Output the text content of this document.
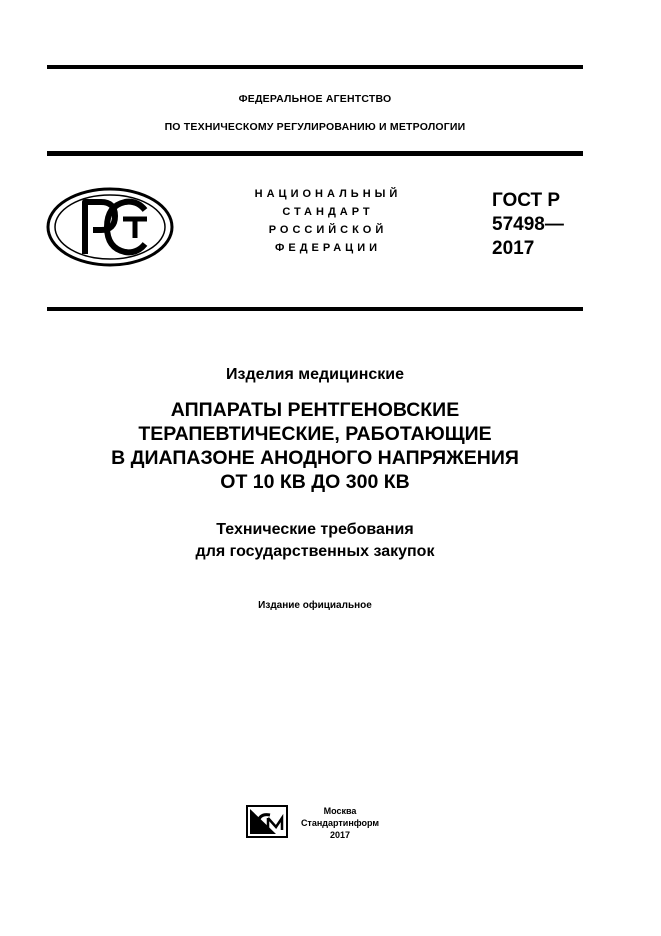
ФЕДЕРАЛЬНОЕ АГЕНТСТВО
ПО ТЕХНИЧЕСКОМУ РЕГУЛИРОВАНИЮ И МЕТРОЛОГИИ
НАЦИОНАЛЬНЫЙ
СТАНДАРТ
РОССИЙСКОЙ
ФЕДЕРАЦИИ
ГОСТ Р
57498—
2017
Изделия медицинские
АППАРАТЫ РЕНТГЕНОВСКИЕ
ТЕРАПЕВТИЧЕСКИЕ, РАБОТАЮЩИЕ
В ДИАПАЗОНЕ АНОДНОГО НАПРЯЖЕНИЯ
ОТ 10 КВ ДО 300 КВ
Технические требования
для государственных закупок
Издание официальное
Москва
Стандартинформ
2017
